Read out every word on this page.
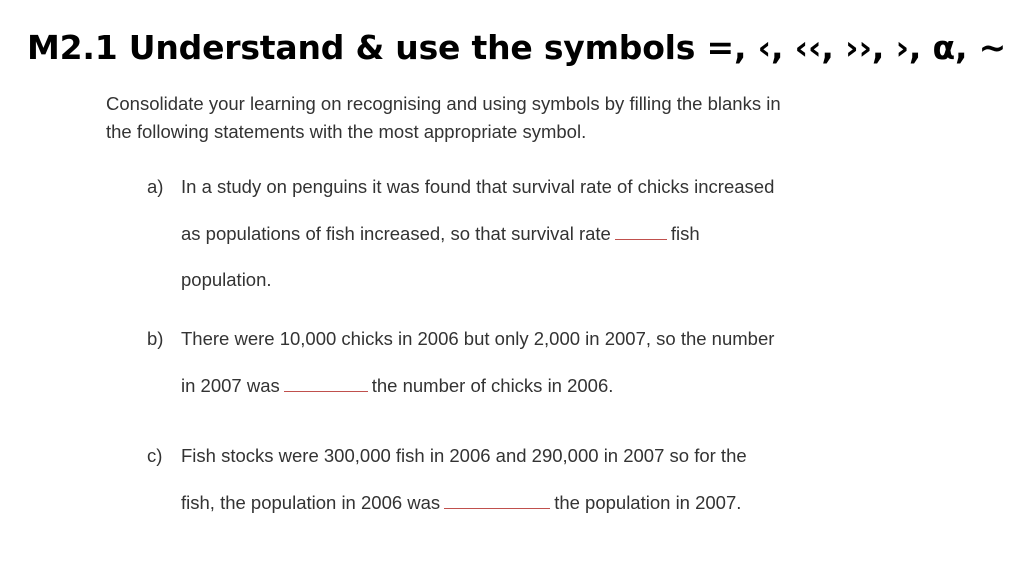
M2.1 Understand & use the symbols =, ‹, ‹‹, ››, ›, α, ~
Consolidate your learning on recognising and using symbols by filling the blanks in
the following statements with the most appropriate symbol.
a) In a study on penguins it was found that survival rate of chicks increased
as populations of fish increased, so that survival rate	fish
population.
b) There were 10,000 chicks in 2006 but only 2,000 in 2007, so the number
in 2007 was	the number of chicks in 2006.
c) Fish stocks were 300,000 fish in 2006 and 290,000 in 2007 so for the
fish, the population in 2006 was	the population in 2007.
